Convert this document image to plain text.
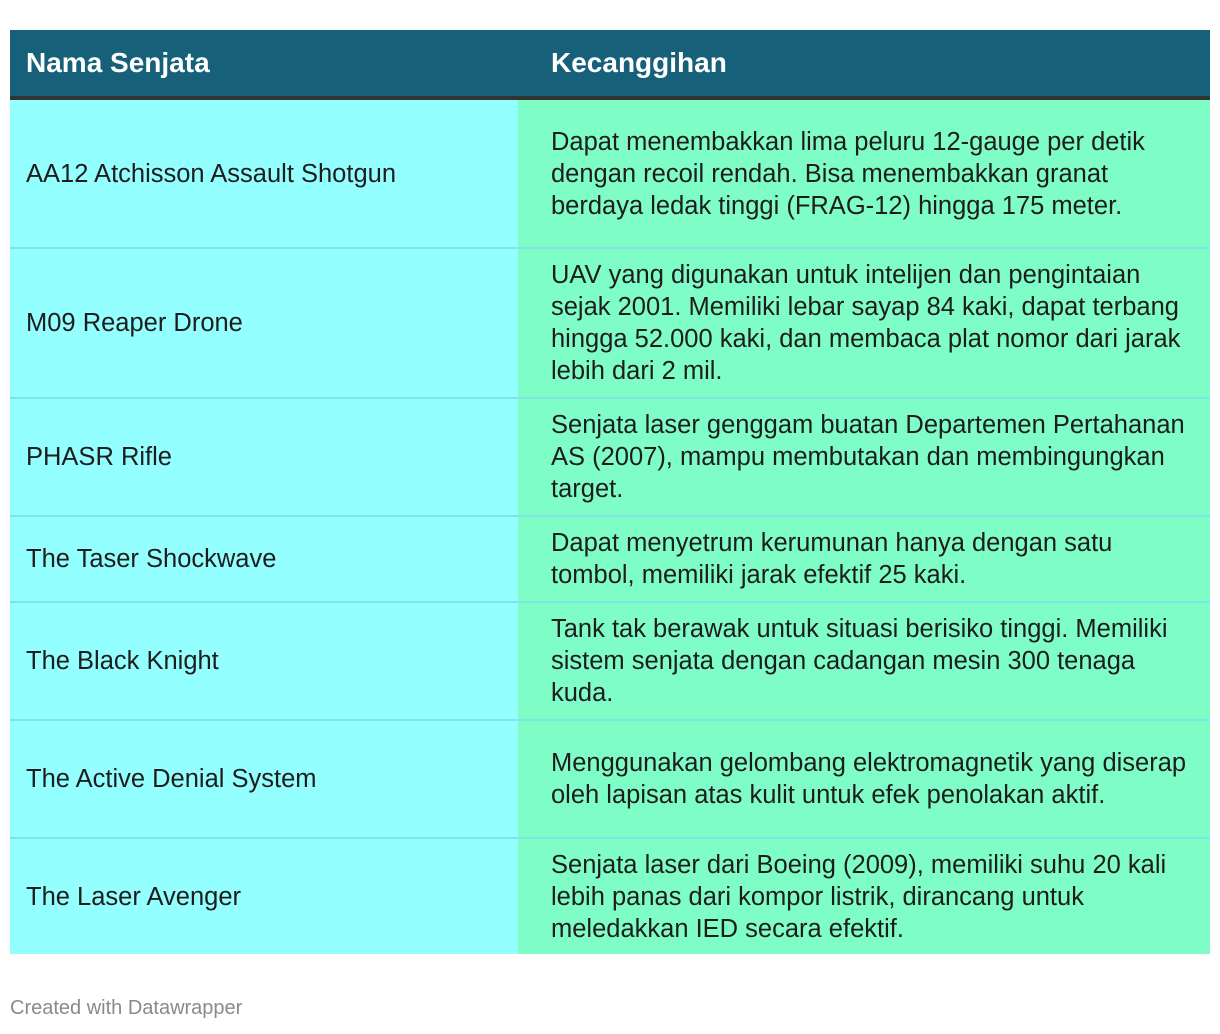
Nama Senjata	Kecanggihan
AA12 Atchisson Assault Shotgun	Dapat menembakkan lima peluru 12-gauge per detik dengan recoil rendah. Bisa menembakkan granat berdaya ledak tinggi (FRAG-12) hingga 175 meter.
M09 Reaper Drone	UAV yang digunakan untuk intelijen dan pengintaian sejak 2001. Memiliki lebar sayap 84 kaki, dapat terbang hingga 52.000 kaki, dan membaca plat nomor dari jarak lebih dari 2 mil.
PHASR Rifle	Senjata laser genggam buatan Departemen Pertahanan AS (2007), mampu membutakan dan membingungkan target.
The Taser Shockwave	Dapat menyetrum kerumunan hanya dengan satu tombol, memiliki jarak efektif 25 kaki.
The Black Knight	Tank tak berawak untuk situasi berisiko tinggi. Memiliki sistem senjata dengan cadangan mesin 300 tenaga kuda.
The Active Denial System	Menggunakan gelombang elektromagnetik yang diserap oleh lapisan atas kulit untuk efek penolakan aktif.
The Laser Avenger	Senjata laser dari Boeing (2009), memiliki suhu 20 kali lebih panas dari kompor listrik, dirancang untuk meledakkan IED secara efektif.
Created with Datawrapper
